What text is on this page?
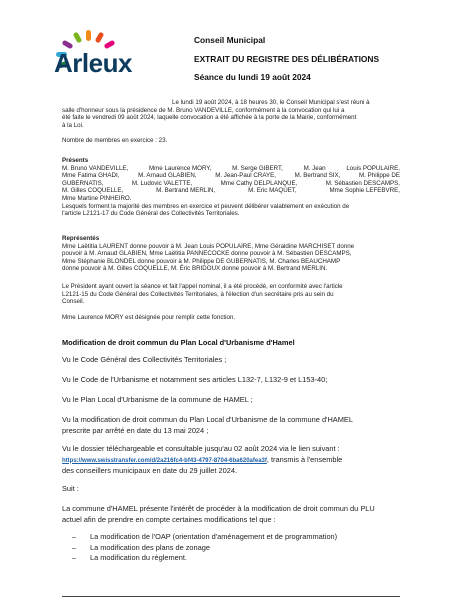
Arleux
Conseil Municipal
EXTRAIT DU REGISTRE DES DÉLIBÉRATIONS
Séance du lundi 19 août 2024

Le lundi 19 août 2024, à 18 heures 30, le Conseil Municipal s'est réuni à

salle d'honneur sous la présidence de M. Bruno VANDEVILLE, conformément à la convocation qui lui a

été faite le vendredi 09 août 2024, laquelle convocation a été affichée à la porte de la Mairie, conformément

à la Loi.

Nombre de membres en exercice : 23.

Présents

M. Bruno VANDEVILLE,	Mme Laurence MORY,	M. Serge GIBERT,	M. Jean	Louis POPULAIRE,
Mme Fatima GHADI,	M. Arnaud GLABIEN,	M. Jean-Paul CRAYE,	M. Bertrand SIX,	M. Philippe DE
GUBERNATIS,	M. Ludovic VALETTE,	Mme Cathy DELPLANQUE,	M. Sébastien DESCAMPS,
M. Gilles COQUELLE,	M. Bertrand MERLIN,	M. Eric MAQUET,	Mme Sophie LEFEBVRE,

Mme Martine PINHEIRO.

Lesquels forment la majorité des membres en exercice et peuvent délibérer valablement en exécution de

l'article L2121-17 du Code Général des Collectivités Territoriales.

Représentés

Mme Laëtitia LAURENT donne pouvoir à M. Jean Louis POPULAIRE, Mme Géraldine MARCHISET donne

pouvoir à M. Arnaud GLABIEN, Mme Laëtitia PANNECOCKE donne pouvoir à M. Sébastien DESCAMPS,

Mme Stéphanie BLONDEL donne pouvoir à M. Philippe DE GUBERNATIS, M. Charles BEAUCHAMP

donne pouvoir à M. Gilles COQUELLE, M. Éric BRIDOUX donne pouvoir à M. Bertrand MERLIN.

Le Président ayant ouvert la séance et fait l'appel nominal, il a été procédé, en conformité avec l'article

L2121-15 du Code Général des Collectivités Territoriales, à l'élection d'un secrétaire pris au sein du

Conseil.

Mme Laurence MORY est désignée pour remplir cette fonction.

Modification de droit commun du Plan Local d'Urbanisme d'Hamel
Vu le Code Général des Collectivités Territoriales ;
Vu le Code de l'Urbanisme et notamment ses articles L132-7, L132-9 et L153-40;
Vu le Plan Local d'Urbanisme de la commune de HAMEL ;
Vu la modification de droit commun du Plan Local d'Urbanisme de la commune d'HAMEL
prescrite par arrêté en date du 13 mai 2024 ;
Vu le dossier téléchargeable et consultable jusqu'au 02 août 2024 via le lien suivant :
https://www.swisstransfer.com/d/2a216fc4-bf43-4797-8704-6ba620afea3f, transmis à l'ensemble
des conseillers municipaux en date du 29 juillet 2024.
Suit :
La commune d'HAMEL présente l'intérêt de procéder à la modification de droit commun du PLU
actuel afin de prendre en compte certaines modifications tel que :
–	La modification de l'OAP (orientation d'aménagement et de programmation)
–	La modification des plans de zonage
–	La modification du règlement.
